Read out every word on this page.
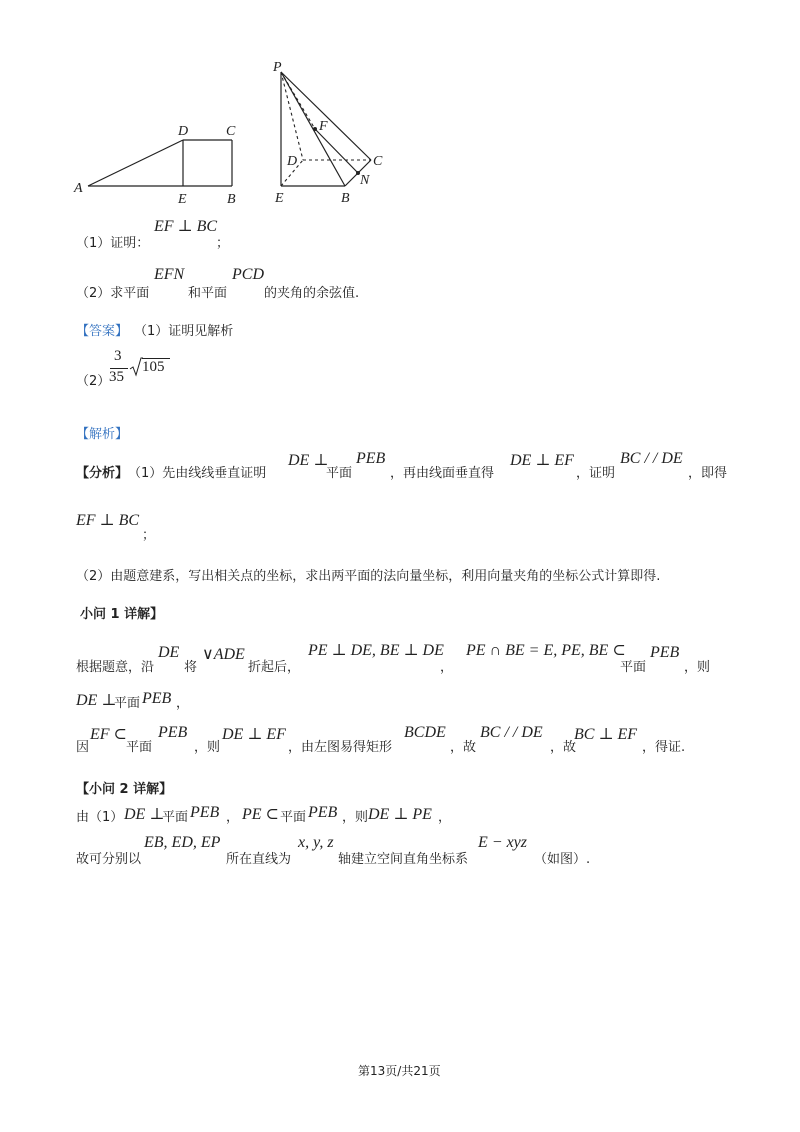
A
D	C
E	B
P
F
D	C
N
E	B
（1）证明：
EF ⊥ BC
；
（2）求平面
EFN
和平面
PCD
的夹角的余弦值.
【答案】 （1）证明见解析
（2）
3
35
105
【解析】
【分析】 （1）先由线线垂直证明
DE ⊥
平面
PEB
，再由线面垂直得
DE ⊥ EF
，证明
BC / / DE
，即得
EF ⊥ BC
；
（2）由题意建系，写出相关点的坐标，求出两平面的法向量坐标，利用向量夹角的坐标公式计算即得.
小问 1 详解】
根据题意，沿
DE
将
∨ADE
折起后，
PE ⊥ DE, BE ⊥ DE
，
PE ∩ BE = E, PE, BE ⊂
平面
PEB
，则
DE ⊥
平面 PEB ，
因
EF ⊂
平面
PEB
，则
DE ⊥ EF
，由左图易得矩形
BCDE
，故
BC / / DE
，故
BC ⊥ EF
，得证.
【小问 2 详解】
由（1） DE ⊥
平面 PEB ， PE ⊂ 平面 PEB ，则 DE ⊥ PE ，
故可分别以
EB, ED, EP
所在直线为
x, y, z
轴建立空间直角坐标系
E − xyz
（如图）.
第13页/共21页
